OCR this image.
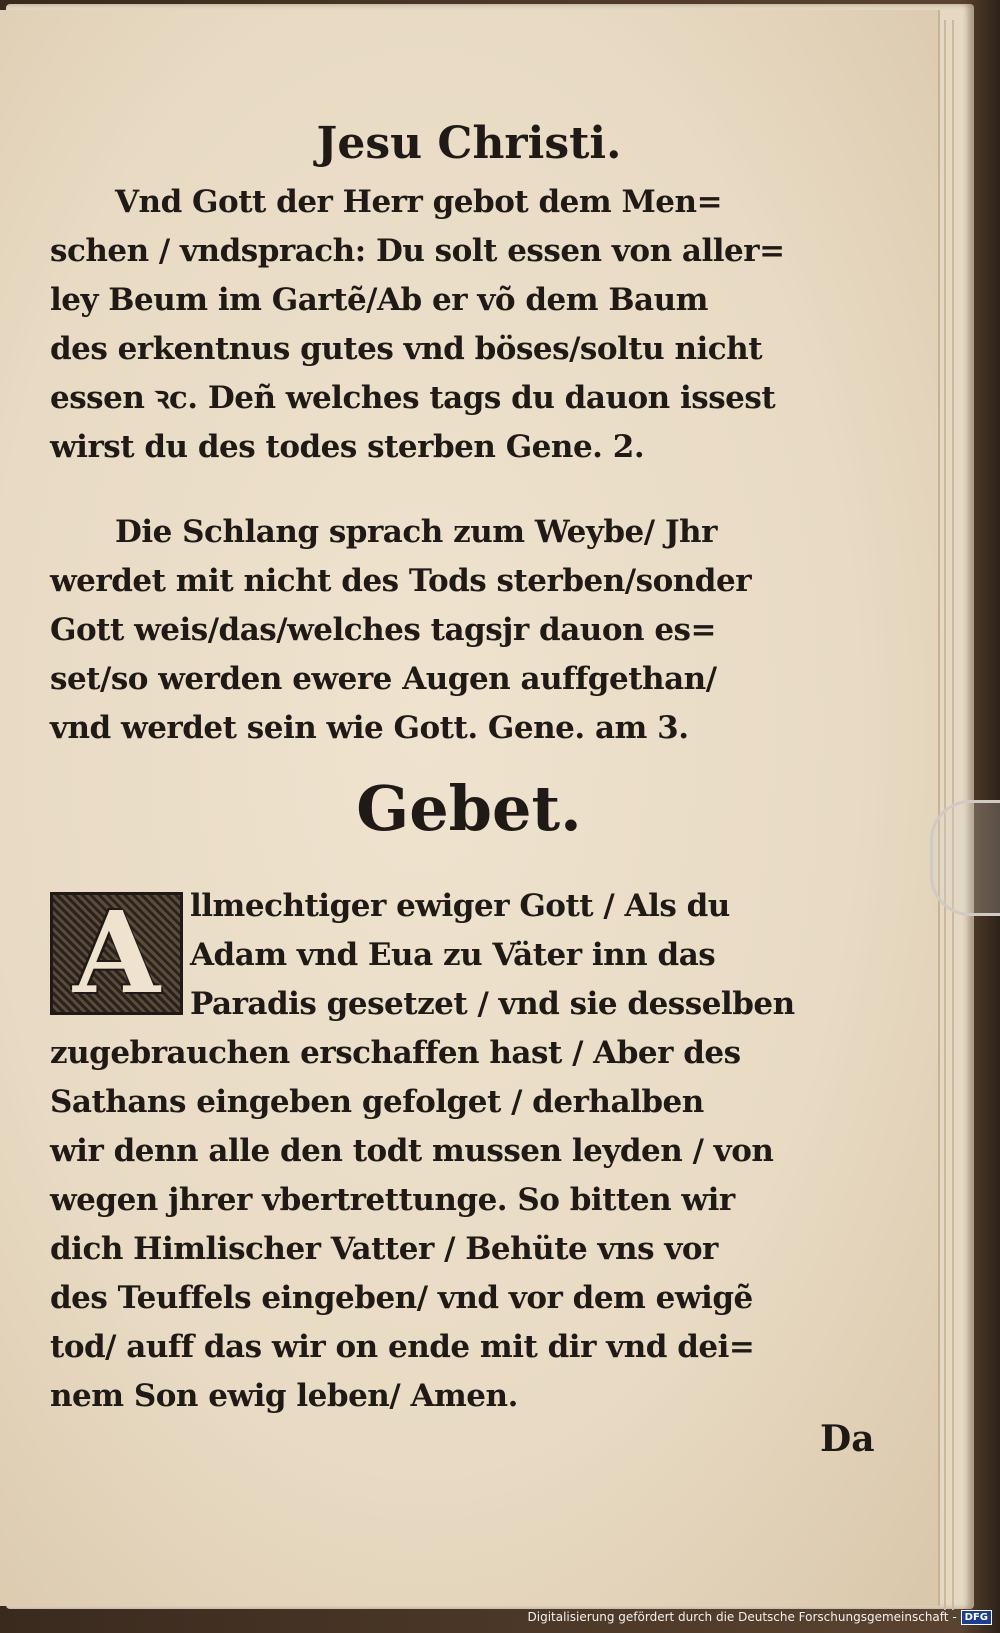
Jesu Christi.
Vnd Gott der Herr gebot dem Men=
schen / vndsprach: Du solt essen von aller=
ley Beum im Gartẽ/Ab er võ dem Baum
des erkentnus gutes vnd böses/soltu nicht
essen ꝛc. Deñ welches tags du dauon issest
wirst du des todes sterben Gene. 2.
Die Schlang sprach zum Weybe/ Jhr
werdet mit nicht des Tods sterben/sonder
Gott weis/das/welches tagsjr dauon es=
set/so werden ewere Augen auffgethan/
vnd werdet sein wie Gott. Gene. am 3.
Gebet.
A llmechtiger ewiger Gott / Als du
Adam vnd Eua zu Väter inn das
Paradis gesetzet / vnd sie desselben
zugebrauchen erschaffen hast / Aber des
Sathans eingeben gefolget / derhalben
wir denn alle den todt mussen leyden / von
wegen jhrer vbertrettunge. So bitten wir
dich Himlischer Vatter / Behüte vns vor
des Teuffels eingeben/ vnd vor dem ewigẽ
tod/ auff das wir on ende mit dir vnd dei=
nem Son ewig leben/ Amen.
Da
Digitalisierung gefördert durch die Deutsche Forschungsgemeinschaft - DFG
